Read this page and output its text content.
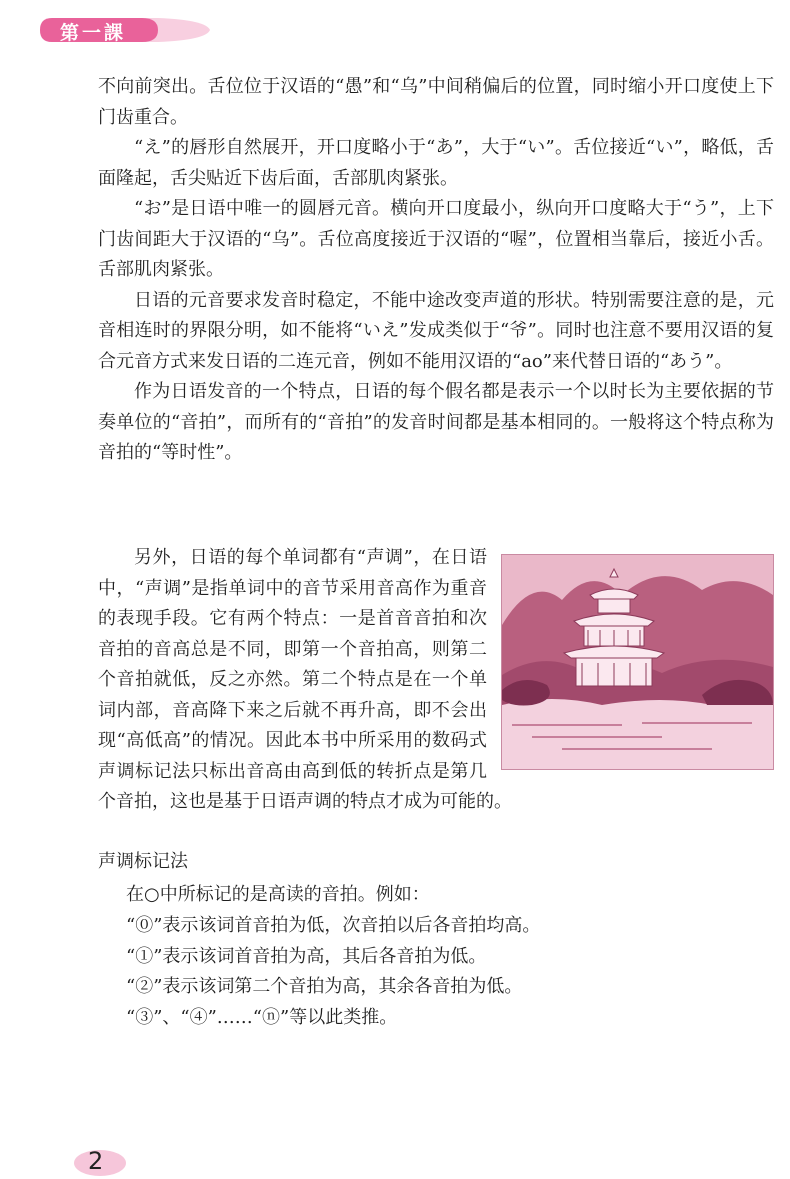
第一課

不向前突出。舌位位于汉语的“愚”和“乌”中间稍偏后的位置，同时缩小开口度使上下门齿重合。

“え”的唇形自然展开，开口度略小于“あ”，大于“い”。舌位接近“い”，略低，舌面隆起，舌尖贴近下齿后面，舌部肌肉紧张。

“お”是日语中唯一的圆唇元音。横向开口度最小，纵向开口度略大于“う”，上下门齿间距大于汉语的“乌”。舌位高度接近于汉语的“喔”，位置相当靠后，接近小舌。舌部肌肉紧张。

日语的元音要求发音时稳定，不能中途改变声道的形状。特别需要注意的是，元音相连时的界限分明，如不能将“いえ”发成类似于“爷”。同时也注意不要用汉语的复合元音方式来发日语的二连元音，例如不能用汉语的“ao”来代替日语的“あう”。

作为日语发音的一个特点，日语的每个假名都是表示一个以时长为主要依据的节奏单位的“音拍”，而所有的“音拍”的发音时间都是基本相同的。一般将这个特点称为音拍的“等时性”。

另外，日语的每个单词都有“声调”，在日语中，“声调”是指单词中的音节采用音高作为重音的表现手段。它有两个特点：一是首音音拍和次音拍的音高总是不同，即第一个音拍高，则第二个音拍就低，反之亦然。第二个特点是在一个单词内部，音高降下来之后就不再升高，即不会出现“高低高”的情况。因此本书中所采用的数码式声调标记法只标出音高由高到低的转折点是第几个音拍，这也是基于日语声调的特点才成为可能的。

声调标记法
在○中所标记的是高读的音拍。例如：
“⓪”表示该词首音拍为低，次音拍以后各音拍均高。
“①”表示该词首音拍为高，其后各音拍为低。
“②”表示该词第二个音拍为高，其余各音拍为低。
“③”、“④”……“ⓝ”等以此类推。
2
